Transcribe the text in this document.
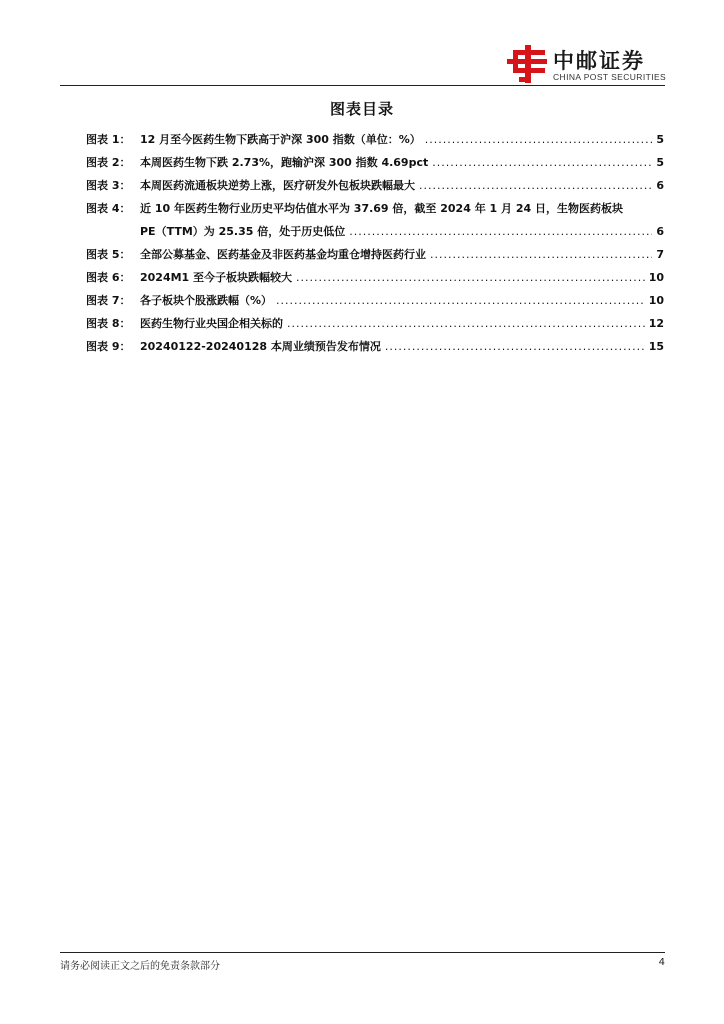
中邮证券
CHINA POST SECURITIES
图表目录
图表 1： 12 月至今医药生物下跌高于沪深 300 指数（单位：%） .....	5
图表 2： 本周医药生物下跌 2.73%，跑输沪深 300 指数 4.69pct .....	5
图表 3： 本周医药流通板块逆势上涨，医疗研发外包板块跌幅最大 .....	6
图表 4： 近 10 年医药生物行业历史平均估值水平为 37.69 倍，截至 2024 年 1 月 24 日，生物医药板块
PE（TTM）为 25.35 倍，处于历史低位 .....	6
图表 5： 全部公募基金、医药基金及非医药基金均重仓增持医药行业 .....	7
图表 6： 2024M1 至今子板块跌幅较大 .....	10
图表 7： 各子板块个股涨跌幅（%） .....	10
图表 8： 医药生物行业央国企相关标的 .....	12
图表 9： 20240122-20240128 本周业绩预告发布情况 .....	15
请务必阅读正文之后的免责条款部分	4
